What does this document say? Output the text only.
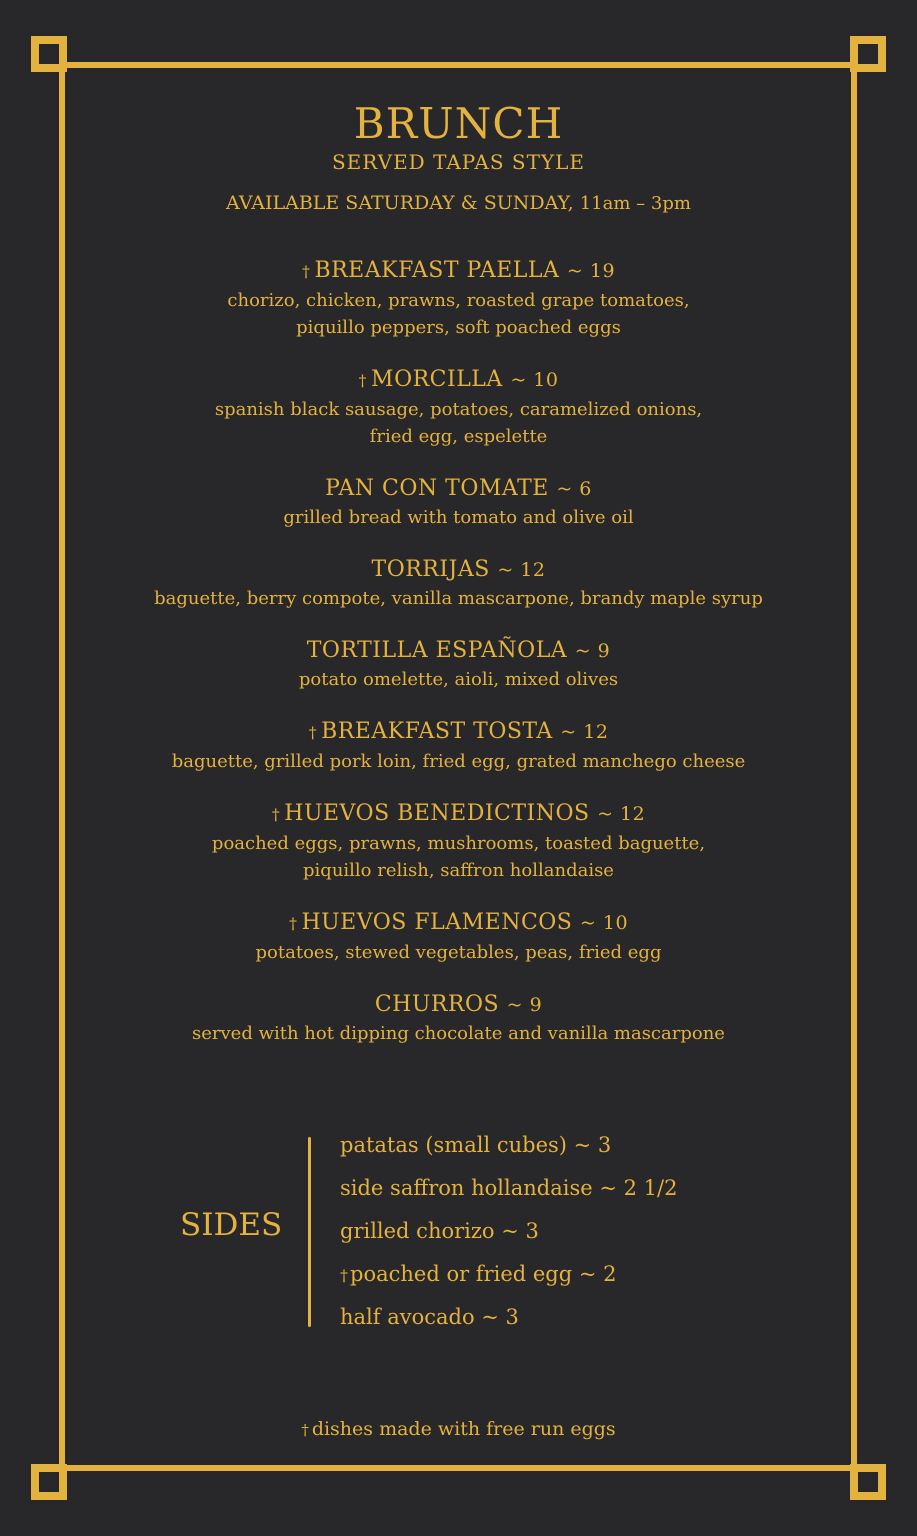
BRUNCH
SERVED TAPAS STYLE
AVAILABLE SATURDAY & SUNDAY, 11am – 3pm
† BREAKFAST PAELLA ~ 19
chorizo, chicken, prawns, roasted grape tomatoes,
piquillo peppers, soft poached eggs
† MORCILLA ~ 10
spanish black sausage, potatoes, caramelized onions,
fried egg, espelette
PAN CON TOMATE ~ 6
grilled bread with tomato and olive oil
TORRIJAS ~ 12
baguette, berry compote, vanilla mascarpone, brandy maple syrup
TORTILLA ESPAÑOLA ~ 9
potato omelette, aioli, mixed olives
† BREAKFAST TOSTA ~ 12
baguette, grilled pork loin, fried egg, grated manchego cheese
† HUEVOS BENEDICTINOS ~ 12
poached eggs, prawns, mushrooms, toasted baguette,
piquillo relish, saffron hollandaise
† HUEVOS FLAMENCOS ~ 10
potatoes, stewed vegetables, peas, fried egg
CHURROS ~ 9
served with hot dipping chocolate and vanilla mascarpone
SIDES
patatas (small cubes) ~ 3
side saffron hollandaise ~ 2 1/2
grilled chorizo ~ 3
†poached or fried egg ~ 2
half avocado ~ 3
† dishes made with free run eggs
